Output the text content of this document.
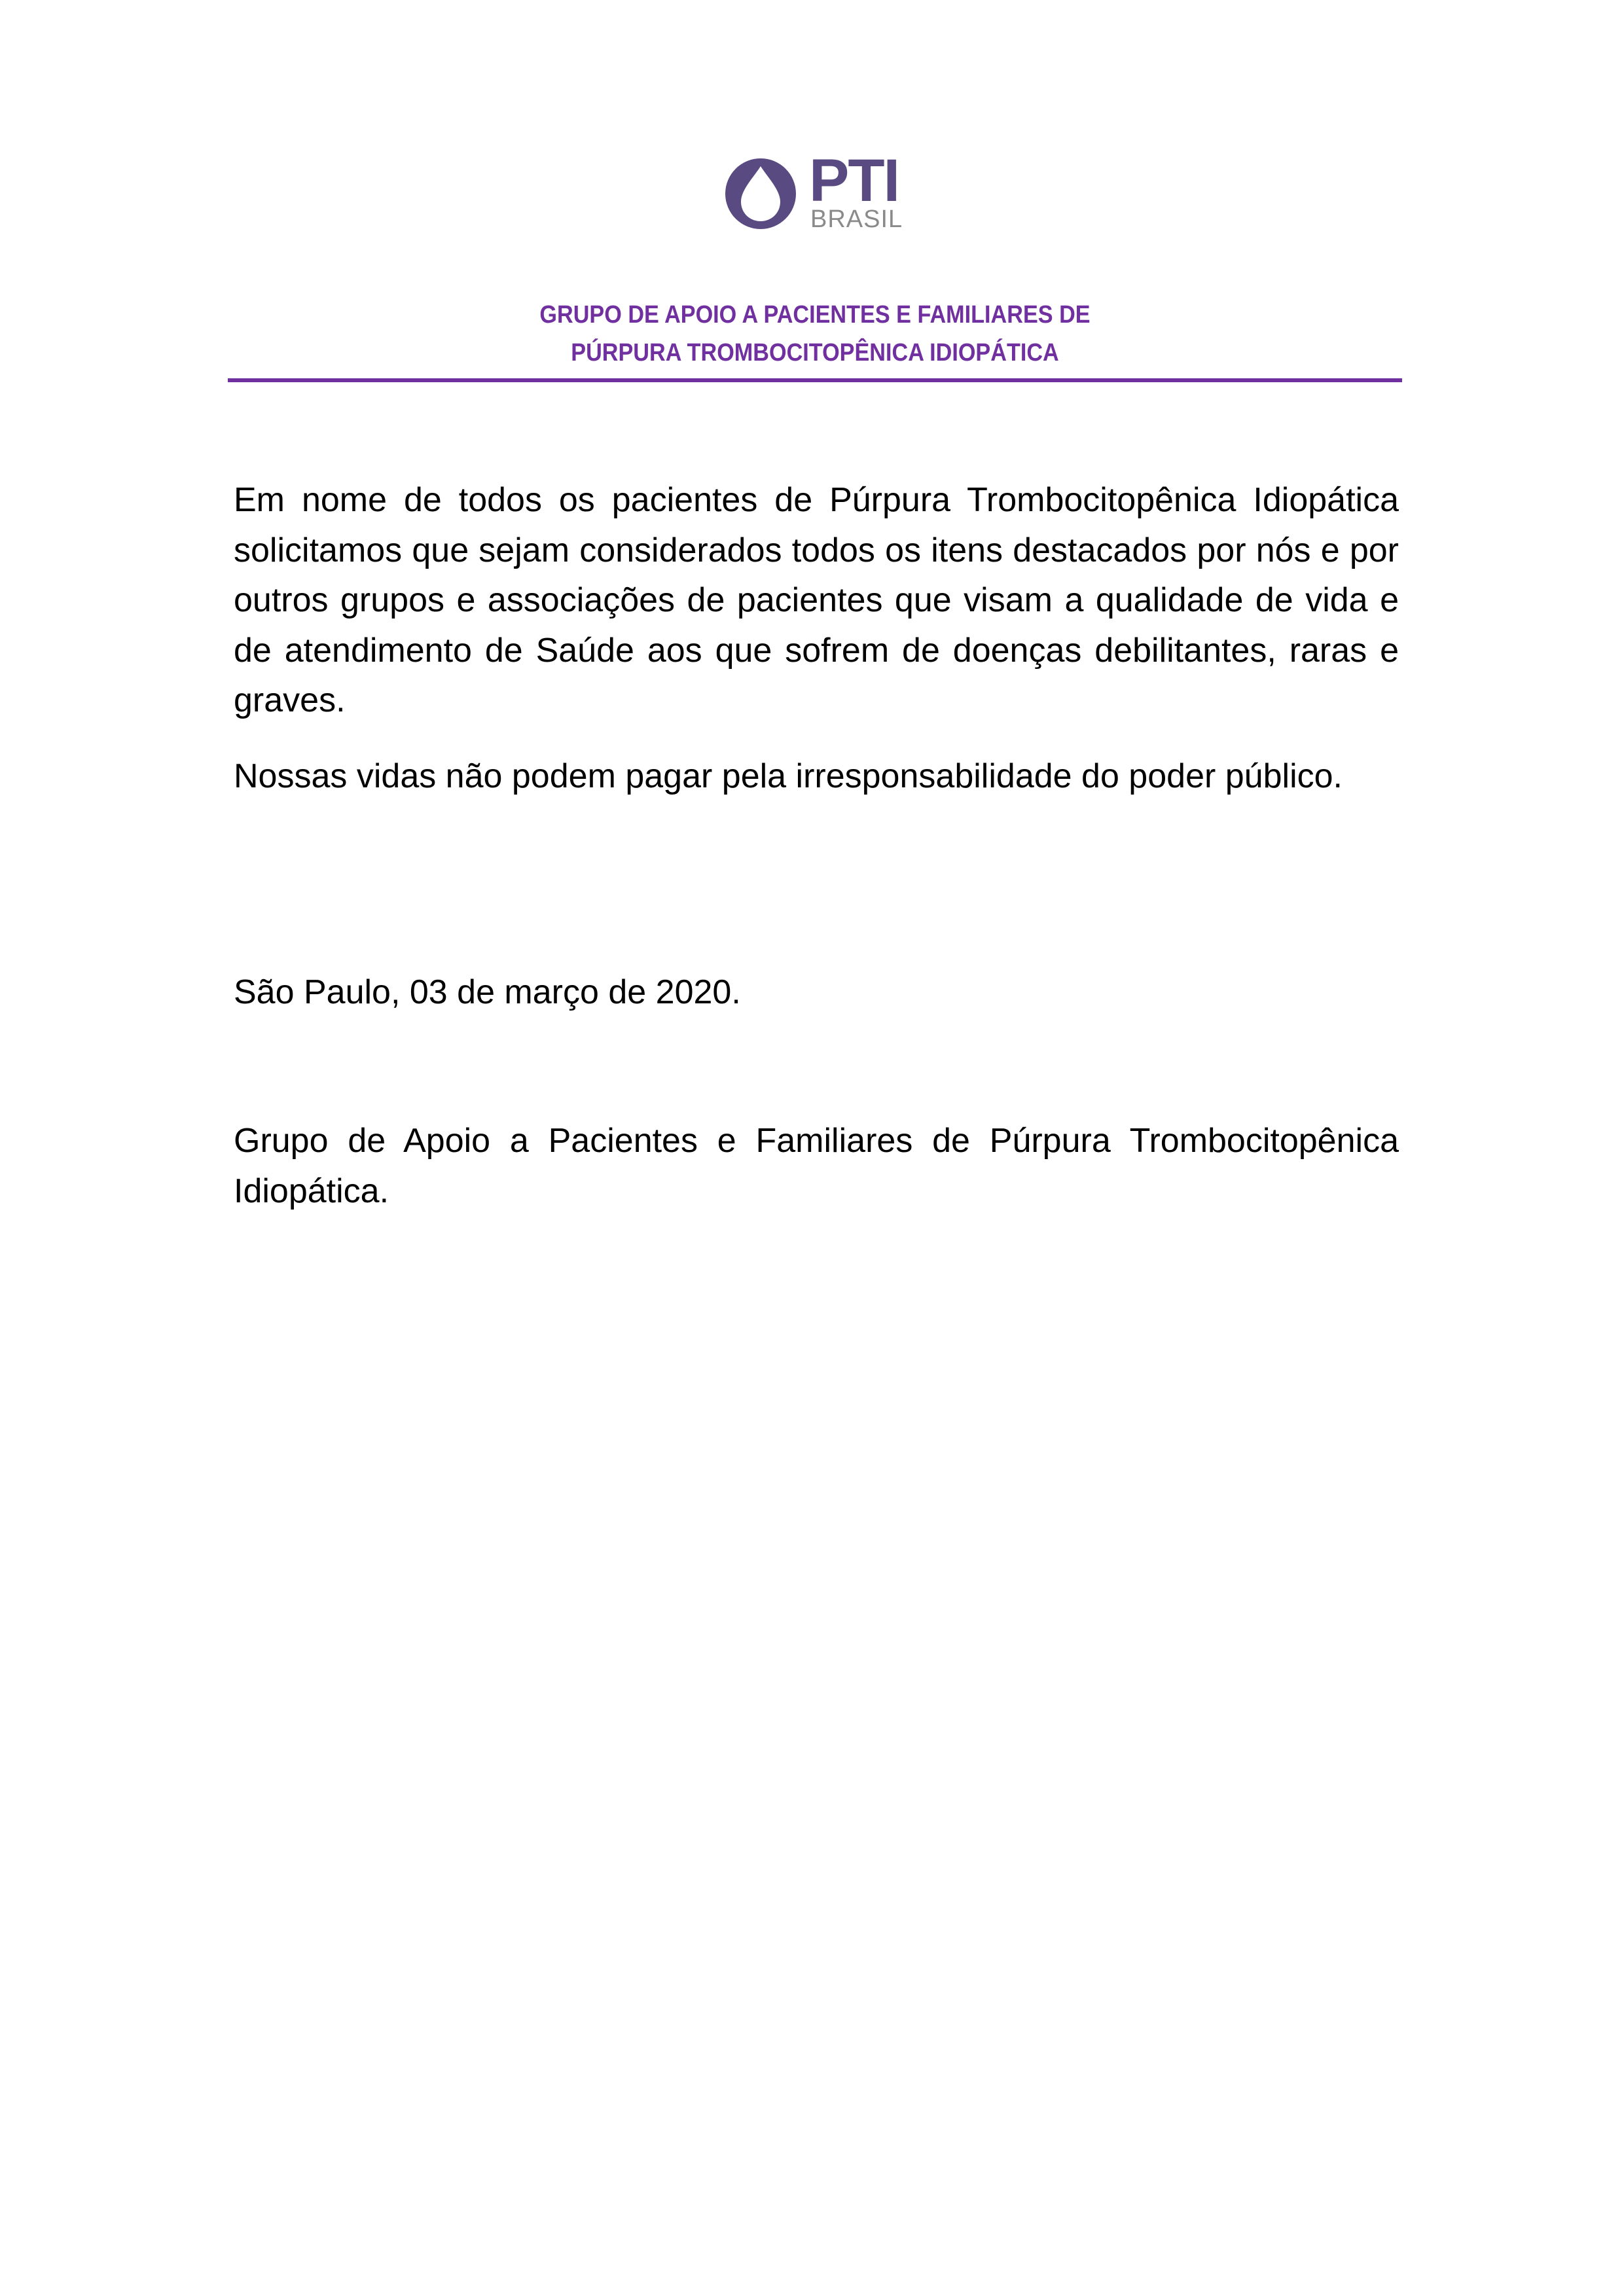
PTI
BRASIL
GRUPO DE APOIO A PACIENTES E FAMILIARES DE
PÚRPURA TROMBOCITOPÊNICA IDIOPÁTICA
Em nome de todos os pacientes de Púrpura Trombocitopênica Idiopática
solicitamos que sejam considerados todos os itens destacados por nós e por
outros grupos e associações de pacientes que visam a qualidade de vida e
de atendimento de Saúde aos que sofrem de doenças debilitantes, raras e
graves.
Nossas vidas não podem pagar pela irresponsabilidade do poder público.
São Paulo, 03 de março de 2020.
Grupo de Apoio a Pacientes e Familiares de Púrpura Trombocitopênica
Idiopática.
